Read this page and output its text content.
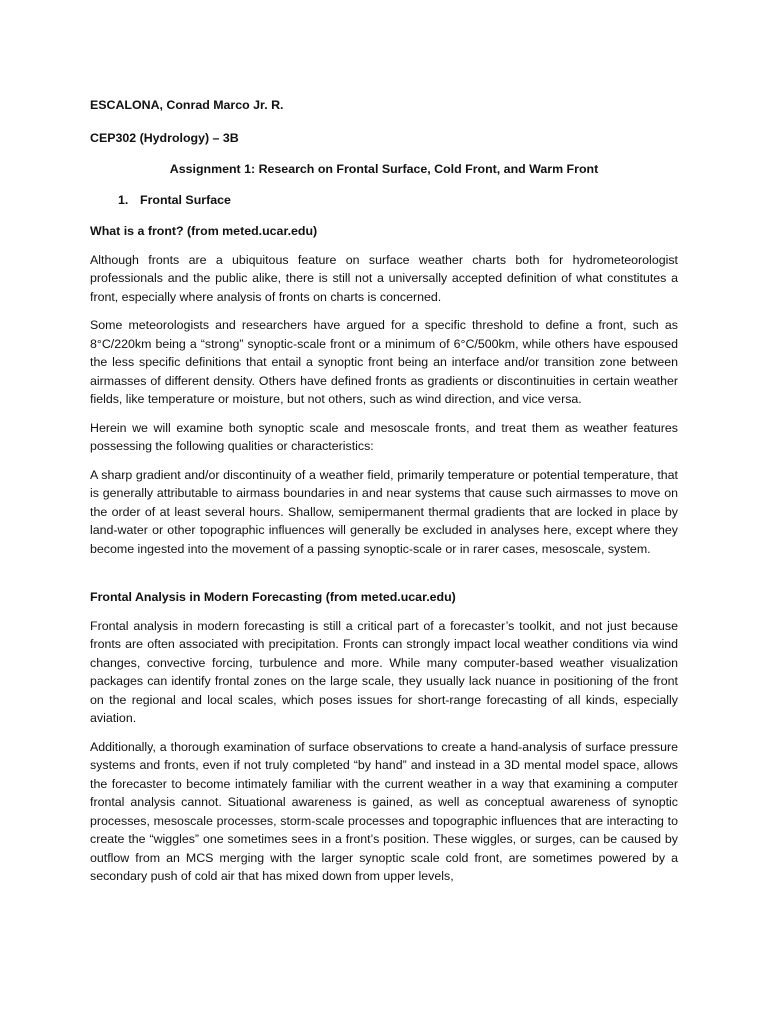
ESCALONA, Conrad Marco Jr. R.

CEP302 (Hydrology) – 3B

Assignment 1: Research on Frontal Surface, Cold Front, and Warm Front

1. Frontal Surface

What is a front? (from meted.ucar.edu)

Although fronts are a ubiquitous feature on surface weather charts both for hydrometeorologist professionals and the public alike, there is still not a universally accepted definition of what constitutes a front, especially where analysis of fronts on charts is concerned.

Some meteorologists and researchers have argued for a specific threshold to define a front, such as 8°C/220km being a “strong” synoptic-scale front or a minimum of 6°C/500km, while others have espoused the less specific definitions that entail a synoptic front being an interface and/or transition zone between airmasses of different density. Others have defined fronts as gradients or discontinuities in certain weather fields, like temperature or moisture, but not others, such as wind direction, and vice versa.

Herein we will examine both synoptic scale and mesoscale fronts, and treat them as weather features possessing the following qualities or characteristics:

A sharp gradient and/or discontinuity of a weather field, primarily temperature or potential temperature, that is generally attributable to airmass boundaries in and near systems that cause such airmasses to move on the order of at least several hours. Shallow, semipermanent thermal gradients that are locked in place by land-water or other topographic influences will generally be excluded in analyses here, except where they become ingested into the movement of a passing synoptic-scale or in rarer cases, mesoscale, system.

Frontal Analysis in Modern Forecasting (from meted.ucar.edu)

Frontal analysis in modern forecasting is still a critical part of a forecaster’s toolkit, and not just because fronts are often associated with precipitation. Fronts can strongly impact local weather conditions via wind changes, convective forcing, turbulence and more. While many computer-based weather visualization packages can identify frontal zones on the large scale, they usually lack nuance in positioning of the front on the regional and local scales, which poses issues for short-range forecasting of all kinds, especially aviation.

Additionally, a thorough examination of surface observations to create a hand-analysis of surface pressure systems and fronts, even if not truly completed “by hand” and instead in a 3D mental model space, allows the forecaster to become intimately familiar with the current weather in a way that examining a computer frontal analysis cannot. Situational awareness is gained, as well as conceptual awareness of synoptic processes, mesoscale processes, storm-scale processes and topographic influences that are interacting to create the “wiggles” one sometimes sees in a front’s position. These wiggles, or surges, can be caused by outflow from an MCS merging with the larger synoptic scale cold front, are sometimes powered by a secondary push of cold air that has mixed down from upper levels,
